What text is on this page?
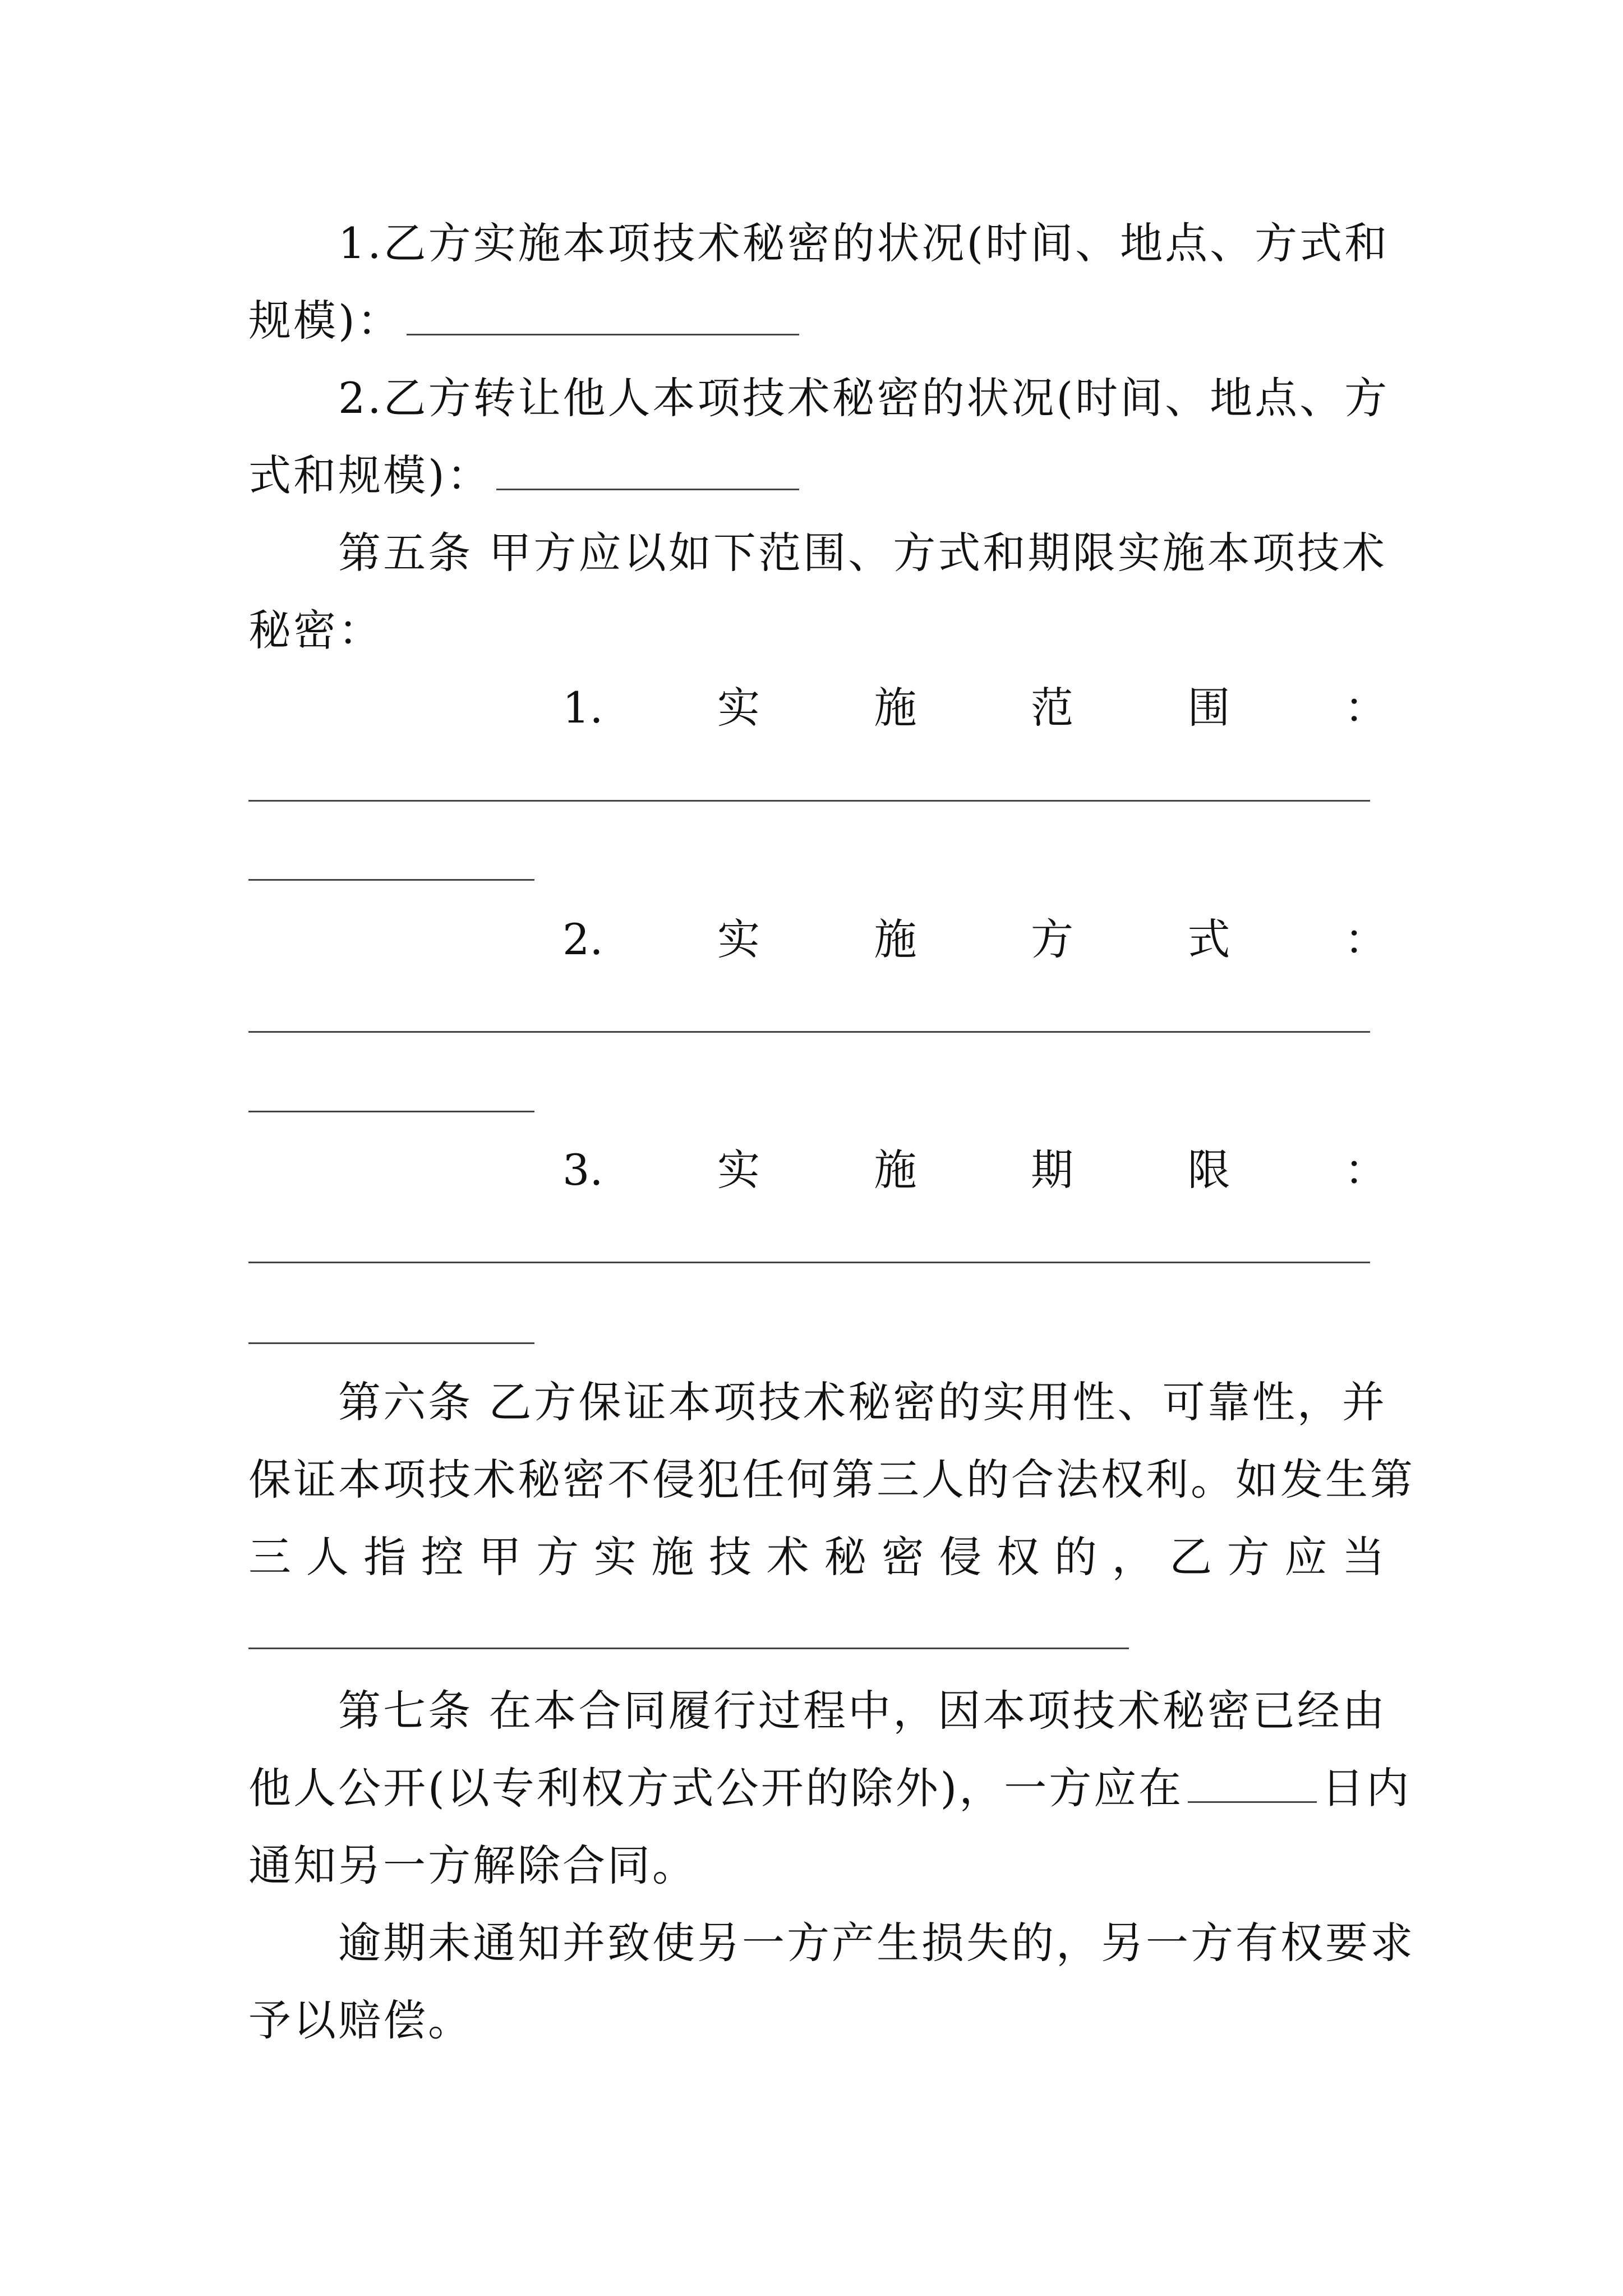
1.乙方实施本项技术秘密的状况(时间、地点、方式和
规模)：
2.乙方转让他人本项技术秘密的状况(时间、地点、方
式和规模)：
第五条 甲方应以如下范围、方式和期限实施本项技术
秘密：
1.	实	施	范	围	：
2.	实	施	方	式	：
3.	实	施	期	限	：
第六条 乙方保证本项技术秘密的实用性、可靠性，并
保证本项技术秘密不侵犯任何第三人的合法权利。如发生第
三人指控甲方实施技术秘密侵权的，乙方应当
第七条 在本合同履行过程中，因本项技术秘密已经由
他人公开(以专利权方式公开的除外)，一方应在	日内
通知另一方解除合同。
逾期未通知并致使另一方产生损失的，另一方有权要求
予以赔偿。
